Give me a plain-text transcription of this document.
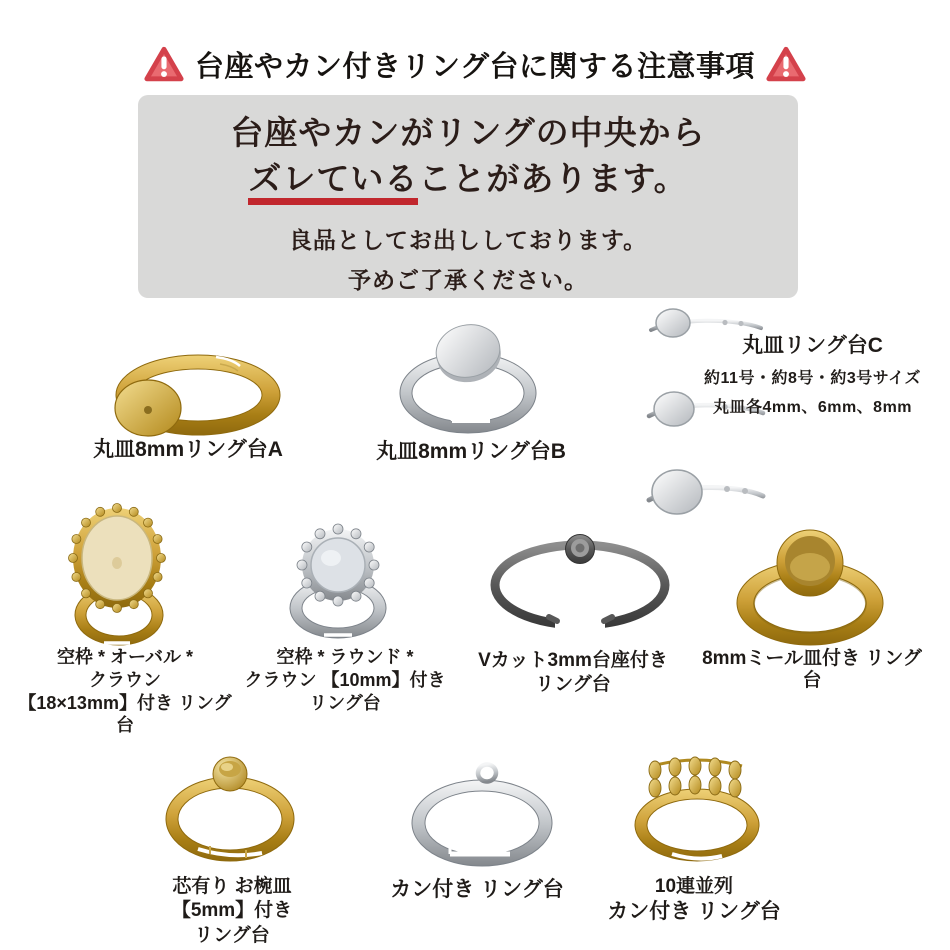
台座やカン付きリング台に関する注意事項
台座やカンがリングの中央から
ズレていることがあります。
良品としてお出ししております。
予めご了承ください。
丸皿8mmリング台A	丸皿8mmリング台B
丸皿リング台C
約11号・約8号・約3号サイズ
丸皿各4mm、6mm、8mm
空枠 * オーバル *
クラウン
【18×13mm】付き リング台
空枠 * ラウンド *
クラウン 【10mm】付き
リング台
Vカット3mm台座付き
リング台
8mmミール皿付き リング台
芯有り お椀皿
【5mm】付き
リング台
カン付き リング台	10連並列
カン付き リング台
